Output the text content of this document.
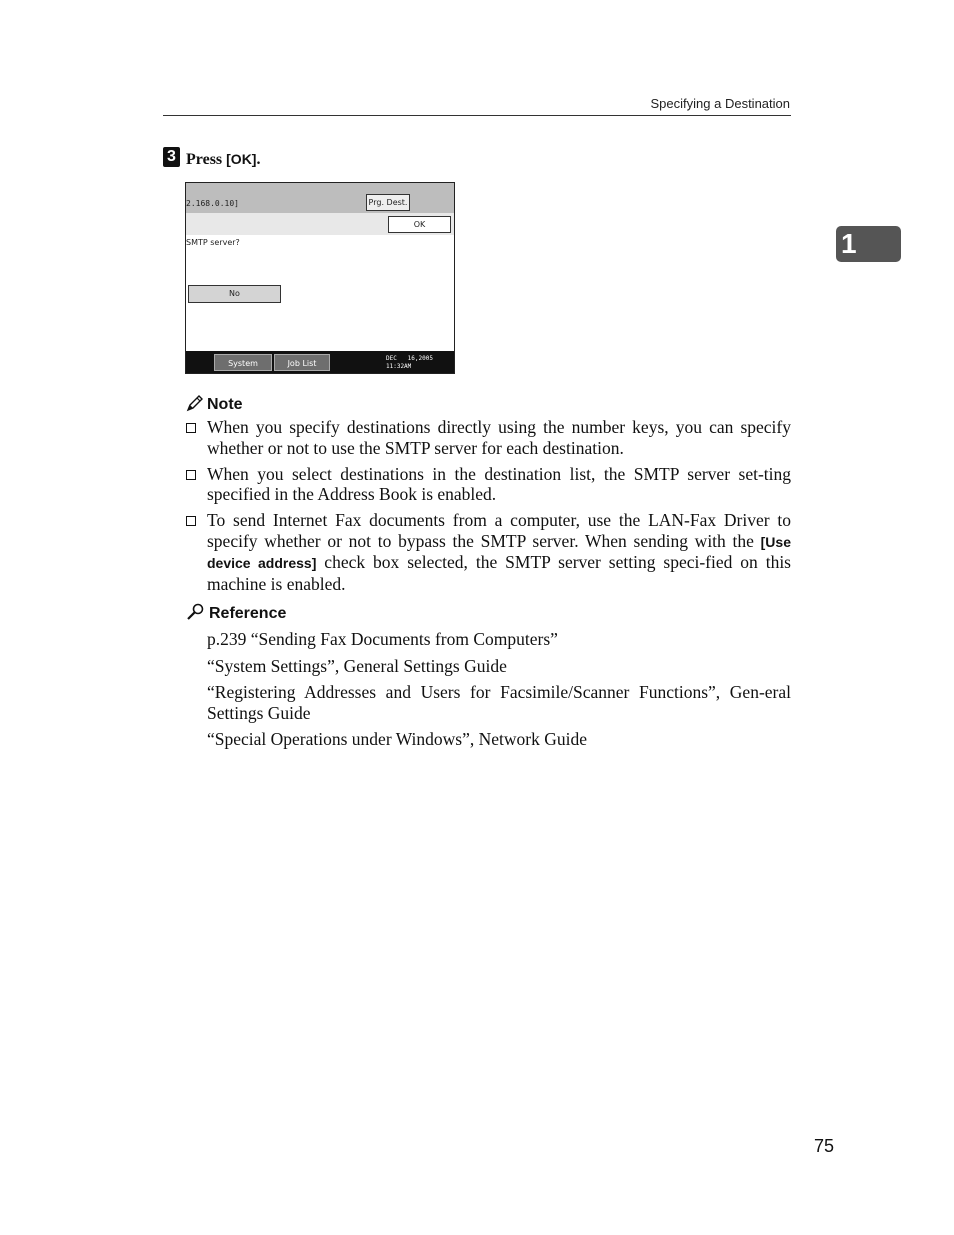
Specifying a Destination
1
3 Press [OK].
2.168.0.10]	Prg. Dest.
OK
SMTP server?
No
System Status
Job List
DEC   16,2005
11:32AM
Note
When you specify destinations directly using the number keys, you can specify whether or not to use the SMTP server for each destination.
When you select destinations in the destination list, the SMTP server set-ting specified in the Address Book is enabled.
To send Internet Fax documents from a computer, use the LAN-Fax Driver to specify whether or not to bypass the SMTP server. When sending with the [Use device address] check box selected, the SMTP server setting speci-fied on this machine is enabled.
Reference
p.239 “Sending Fax Documents from Computers”
“System Settings”, General Settings Guide
“Registering Addresses and Users for Facsimile/Scanner Functions”, Gen-eral Settings Guide
“Special Operations under Windows”, Network Guide
75
